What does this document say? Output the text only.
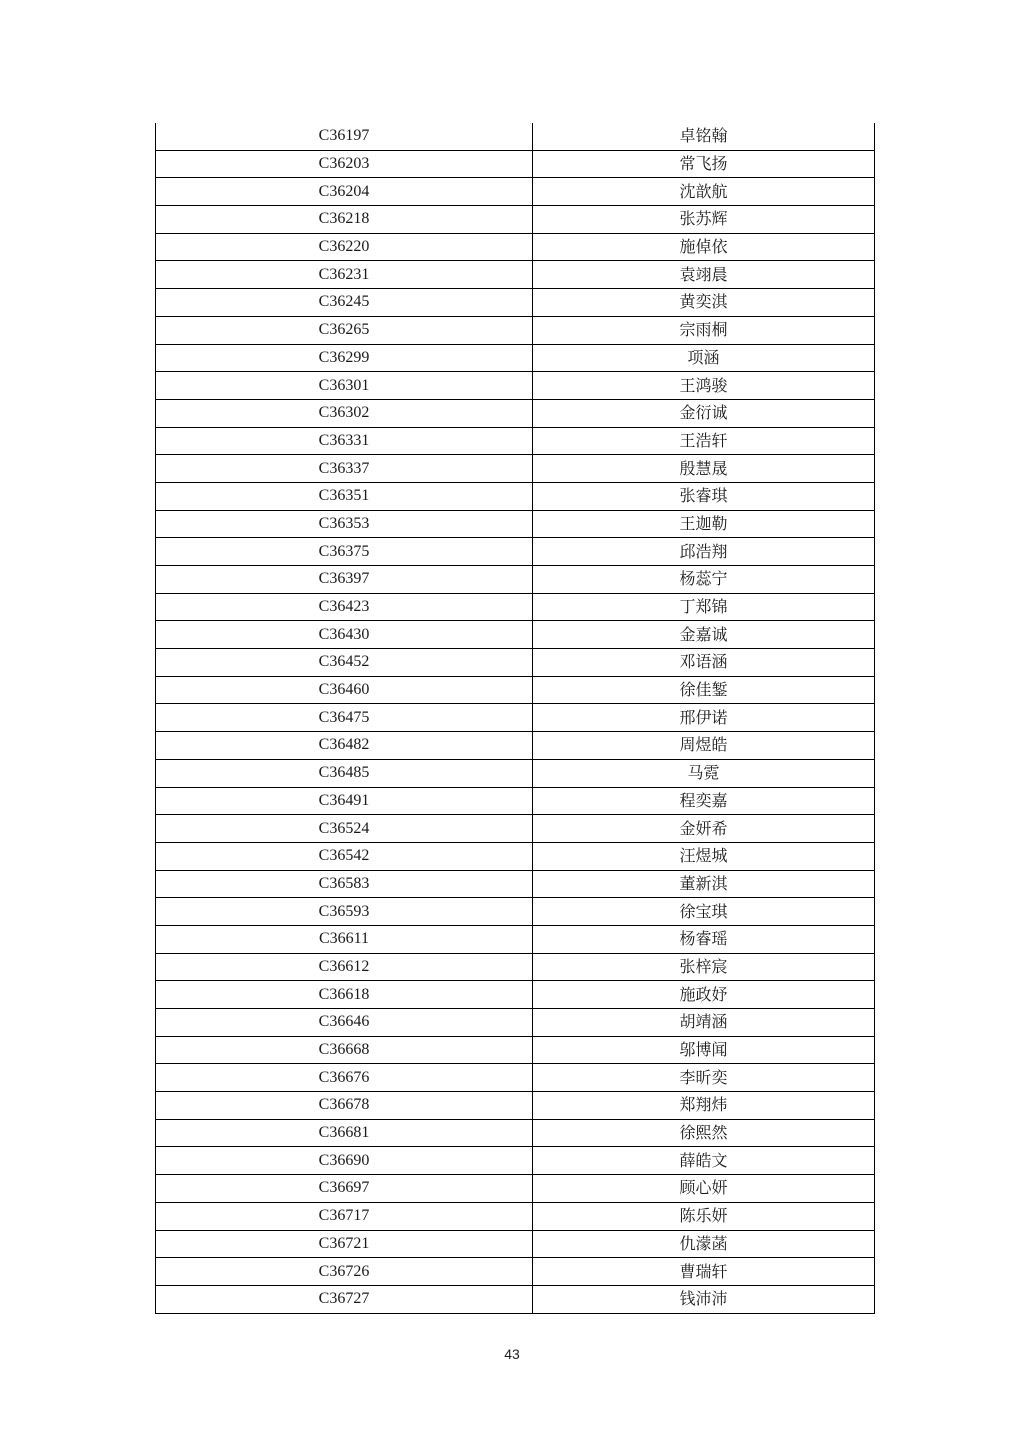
C36197	卓铭翰
C36203	常飞扬
C36204	沈歆航
C36218	张苏辉
C36220	施倬依
C36231	袁翊晨
C36245	黄奕淇
C36265	宗雨桐
C36299	项涵
C36301	王鸿骏
C36302	金衍诚
C36331	王浩轩
C36337	殷慧晟
C36351	张睿琪
C36353	王迦勒
C36375	邱浩翔
C36397	杨蕊宁
C36423	丁郑锦
C36430	金嘉诚
C36452	邓语涵
C36460	徐佳錾
C36475	邢伊诺
C36482	周煜皓
C36485	马霓
C36491	程奕嘉
C36524	金妍希
C36542	汪煜城
C36583	董新淇
C36593	徐宝琪
C36611	杨睿瑶
C36612	张梓宸
C36618	施政妤
C36646	胡靖涵
C36668	邬博闻
C36676	李昕奕
C36678	郑翔炜
C36681	徐熙然
C36690	薛皓文
C36697	顾心妍
C36717	陈乐妍
C36721	仇濛菡
C36726	曹瑞轩
C36727	钱沛沛
43
